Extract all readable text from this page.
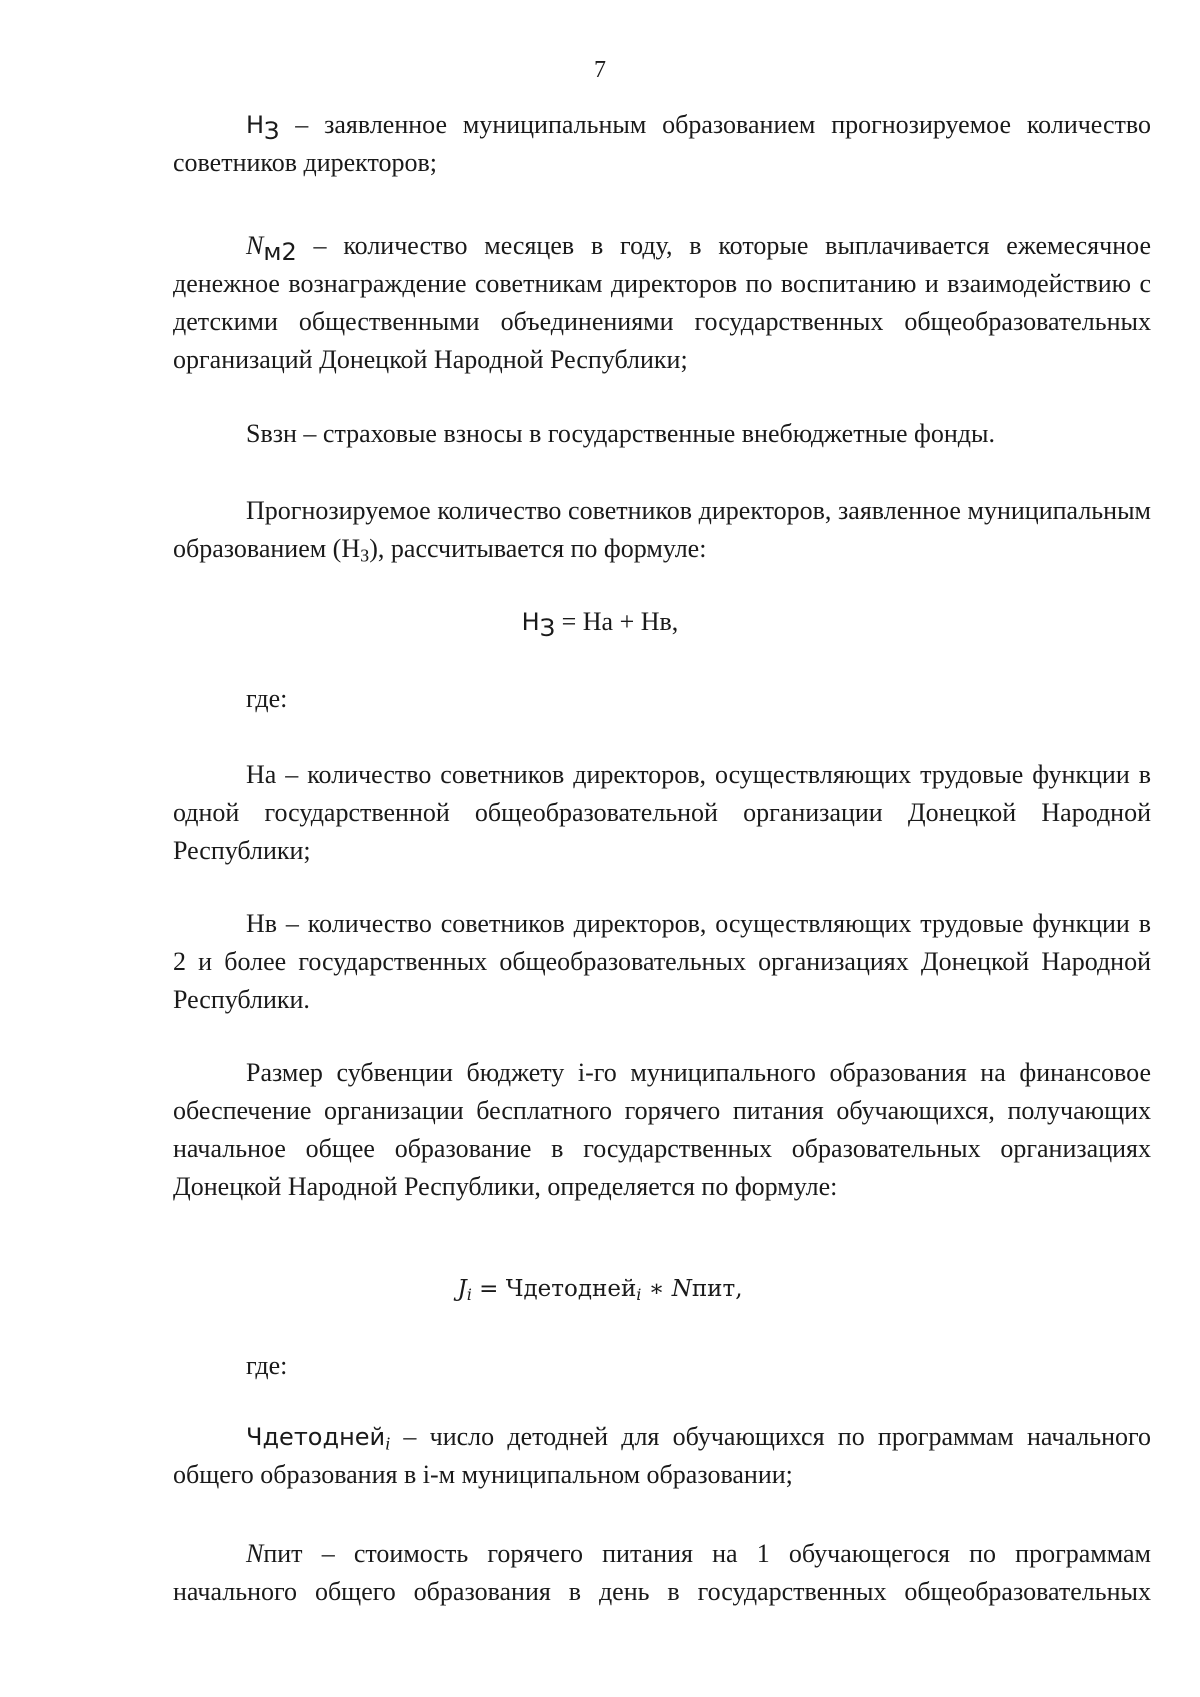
7

$Н_З$ – заявленное муниципальным образованием прогнозируемое количество советников директоров;

$N_{м2}$ – количество месяцев в году, в которые выплачивается ежемесячное денежное вознаграждение советникам директоров по воспитанию и взаимодействию с детскими общественными объединениями государственных общеобразовательных организаций Донецкой Народной Республики;

Sвзн – страховые взносы в государственные внебюджетные фонды.

Прогнозируемое количество советников директоров, заявленное муниципальным образованием $(Н_З)$, рассчитывается по формуле:

$Н_З$ = На + Нв,

где:

На – количество советников директоров, осуществляющих трудовые функции в одной государственной общеобразовательной организации Донецкой Народной Республики;

Нв – количество советников директоров, осуществляющих трудовые функции в 2 и более государственных общеобразовательных организациях Донецкой Народной Республики.

Размер субвенции бюджету i-го муниципального образования на финансовое обеспечение организации бесплатного горячего питания обучающихся, получающих начальное общее образование в государственных образовательных организациях Донецкой Народной Республики, определяется по формуле:

$J_i$ = Чдетодней$_i$ ∗ Nпит,

где:

Чдетодней$_i$ – число детодней для обучающихся по программам начального общего образования в i-м муниципальном образовании;

Nпит – стоимость горячего питания на 1 обучающегося по программам начального общего образования в день в государственных общеобразовательных
